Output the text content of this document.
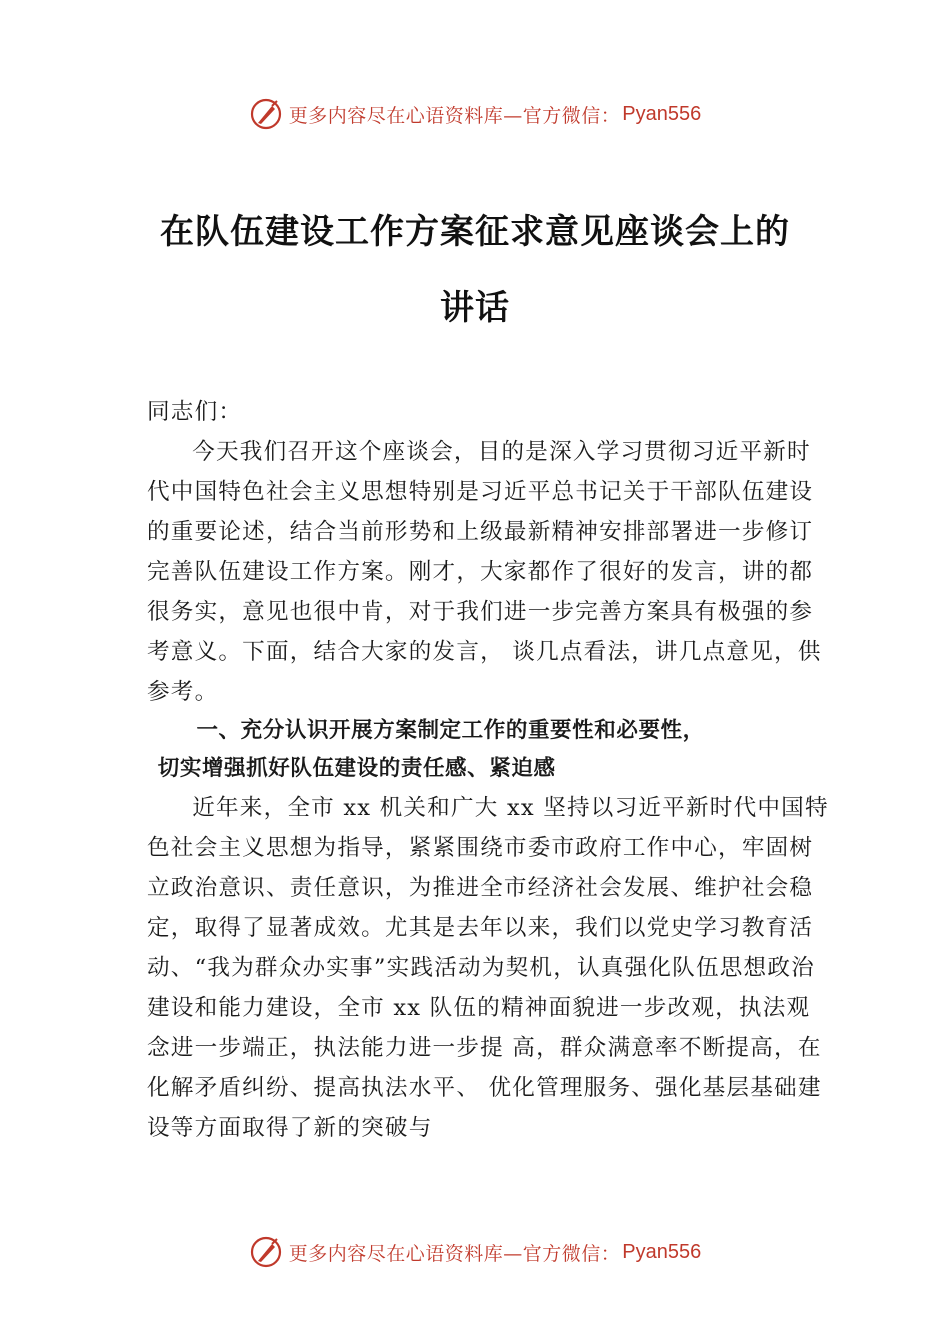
更多内容尽在心语资料库—官方微信： Pyan556
在队伍建设工作方案征求意见座谈会上的
讲话

同志们：

今天我们召开这个座谈会，目的是深入学习贯彻习近平新时代中国特色社会主义思想特别是习近平总书记关于干部队伍建设的重要论述，结合当前形势和上级最新精神安排部署进一步修订完善队伍建设工作方案。刚才，大家都作了很好的发言，讲的都很务实，意见也很中肯，对于我们进一步完善方案具有极强的参考意义。下面，结合大家的发言， 谈几点看法，讲几点意见，供参考。

一、充分认识开展方案制定工作的重要性和必要性，
切实增强抓好队伍建设的责任感、紧迫感

近年来，全市 xx 机关和广大 xx 坚持以习近平新时代中国特色社会主义思想为指导，紧紧围绕市委市政府工作中心，牢固树立政治意识、责任意识，为推进全市经济社会发展、维护社会稳定，取得了显著成效。尤其是去年以来，我们以党史学习教育活动、“我为群众办实事”实践活动为契机，认真强化队伍思想政治建设和能力建设，全市 xx 队伍的精神面貌进一步改观，执法观念进一步端正，执法能力进一步提 高，群众满意率不断提高，在化解矛盾纠纷、提高执法水平、 优化管理服务、强化基层基础建设等方面取得了新的突破与

更多内容尽在心语资料库—官方微信： Pyan556
